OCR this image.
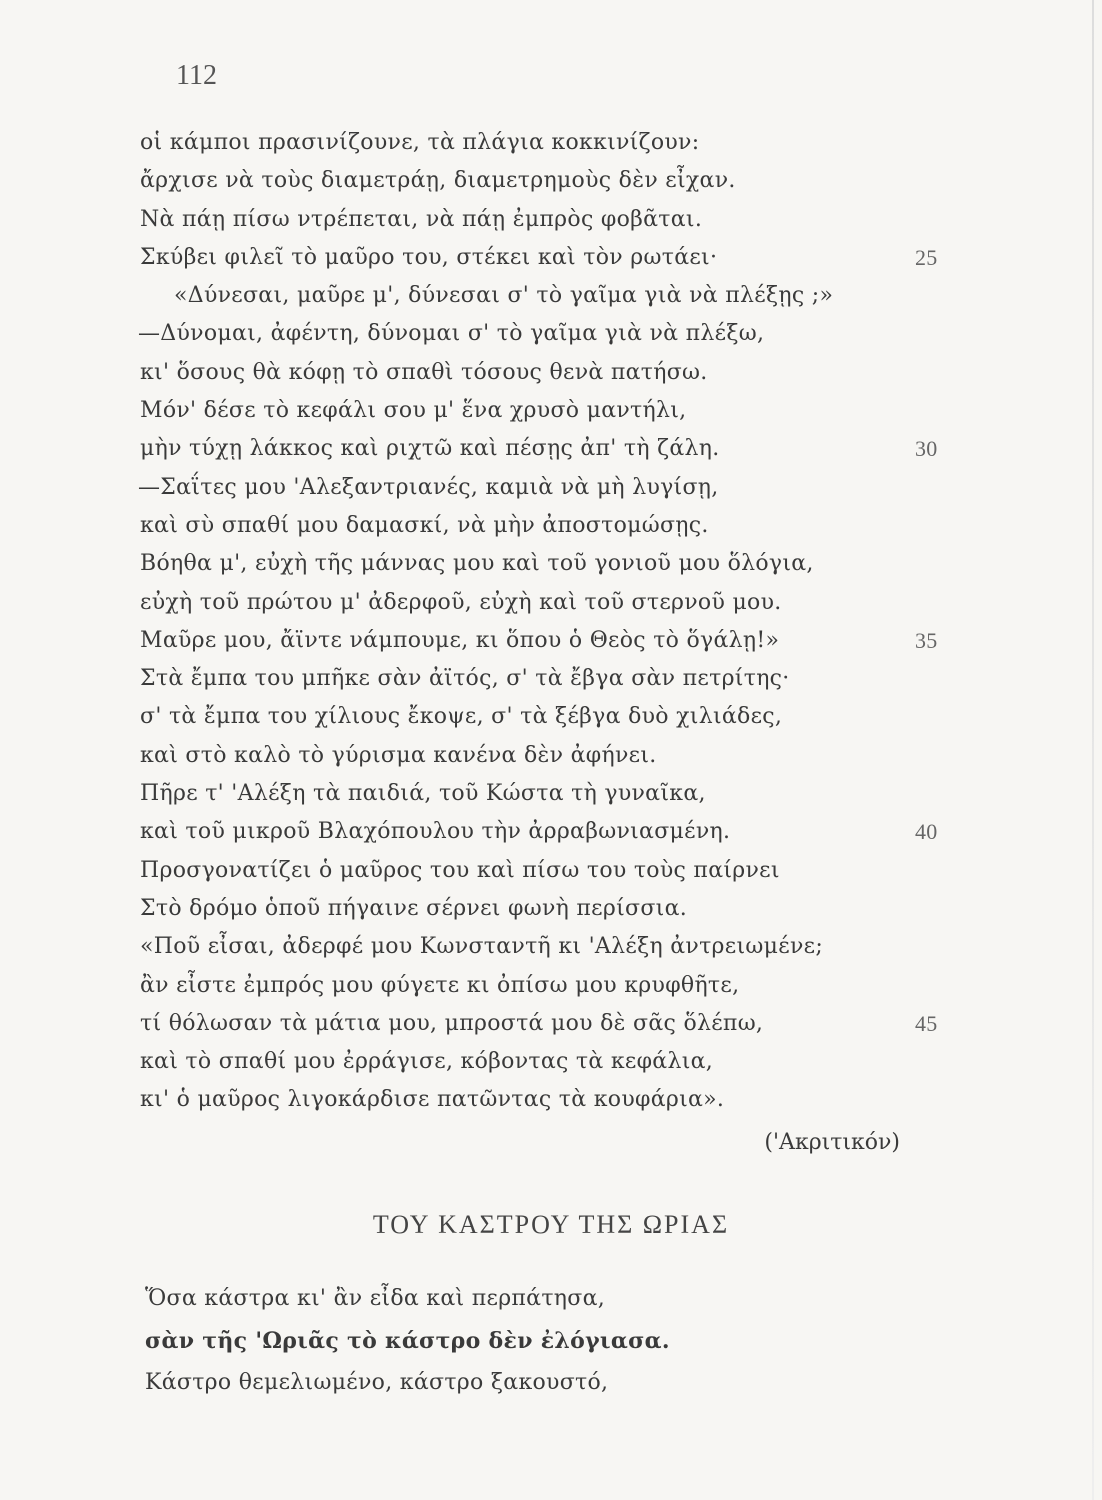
112
οἱ κάμποι πρασινίζουνε, τὰ πλάγια κοκκινίζουν:
ἄρχισε νὰ τοὺς διαμετράῃ, διαμετρημοὺς δὲν εἶχαν.
Νὰ πάῃ πίσω ντρέπεται, νὰ πάῃ ἐμπρὸς φοβᾶται.
Σκύβει φιλεῖ τὸ μαῦρο του, στέκει καὶ τὸν ρωτάει·	25
«Δύνεσαι, μαῦρε μ', δύνεσαι σ' τὸ γαῖμα γιὰ νὰ πλέξῃς ;»
—Δύνομαι, ἀφέντη, δύνομαι σ' τὸ γαῖμα γιὰ νὰ πλέξω,
κι' ὅσους θὰ κόφῃ τὸ σπαθὶ τόσους θενὰ πατήσω.
Μόν' δέσε τὸ κεφάλι σου μ' ἕνα χρυσὸ μαντήλι,
μὴν τύχῃ λάκκος καὶ ριχτῶ καὶ πέσῃς ἀπ' τὴ ζάλη.	30
—Σαΐτες μου 'Αλεξαντριανές, καμιὰ νὰ μὴ λυγίσῃ,
καὶ σὺ σπαθί μου δαμασκί, νὰ μὴν ἀποστομώσῃς.
Βόηθα μ', εὐχὴ τῆς μάννας μου καὶ τοῦ γονιοῦ μου ὅλόγια,
εὐχὴ τοῦ πρώτου μ' ἀδερφοῦ, εὐχὴ καὶ τοῦ στερνοῦ μου.
Μαῦρε μου, ἄϊντε νάμπουμε, κι ὅπου ὁ Θεὸς τὸ ὅγάλῃ!»	35
Στὰ ἔμπα του μπῆκε σὰν ἀϊτός, σ' τὰ ἔβγα σὰν πετρίτης·
σ' τὰ ἔμπα του χίλιους ἔκοψε, σ' τὰ ξέβγα δυὸ χιλιάδες,
καὶ στὸ καλὸ τὸ γύρισμα κανένα δὲν ἀφήνει.
Πῆρε τ' 'Αλέξη τὰ παιδιά, τοῦ Κώστα τὴ γυναῖκα,
καὶ τοῦ μικροῦ Βλαχόπουλου τὴν ἀρραβωνιασμένη.	40
Προσγονατίζει ὁ μαῦρος του καὶ πίσω του τοὺς παίρνει
Στὸ δρόμο ὁποῦ πήγαινε σέρνει φωνὴ περίσσια.
«Ποῦ εἶσαι, ἀδερφέ μου Κωνσταντῆ κι 'Αλέξη ἀντρειωμένε;
ἂν εἶστε ἐμπρός μου φύγετε κι ὀπίσω μου κρυφθῆτε,
τί θόλωσαν τὰ μάτια μου, μπροστά μου δὲ σᾶς ὅλέπω,	45
καὶ τὸ σπαθί μου ἐρράγισε, κόβοντας τὰ κεφάλια,
κι' ὁ μαῦρος λιγοκάρδισε πατῶντας τὰ κουφάρια».
('Ακριτικόν)
ΤΟΥ ΚΑΣΤΡΟΥ ΤΗΣ ΩΡΙΑΣ
Ὅσα κάστρα κι' ἂν εἶδα καὶ περπάτησα,
σὰν τῆς 'Ωριᾶς τὸ κάστρο δὲν ἐλόγιασα.
Κάστρο θεμελιωμένο, κάστρο ξακουστό,
